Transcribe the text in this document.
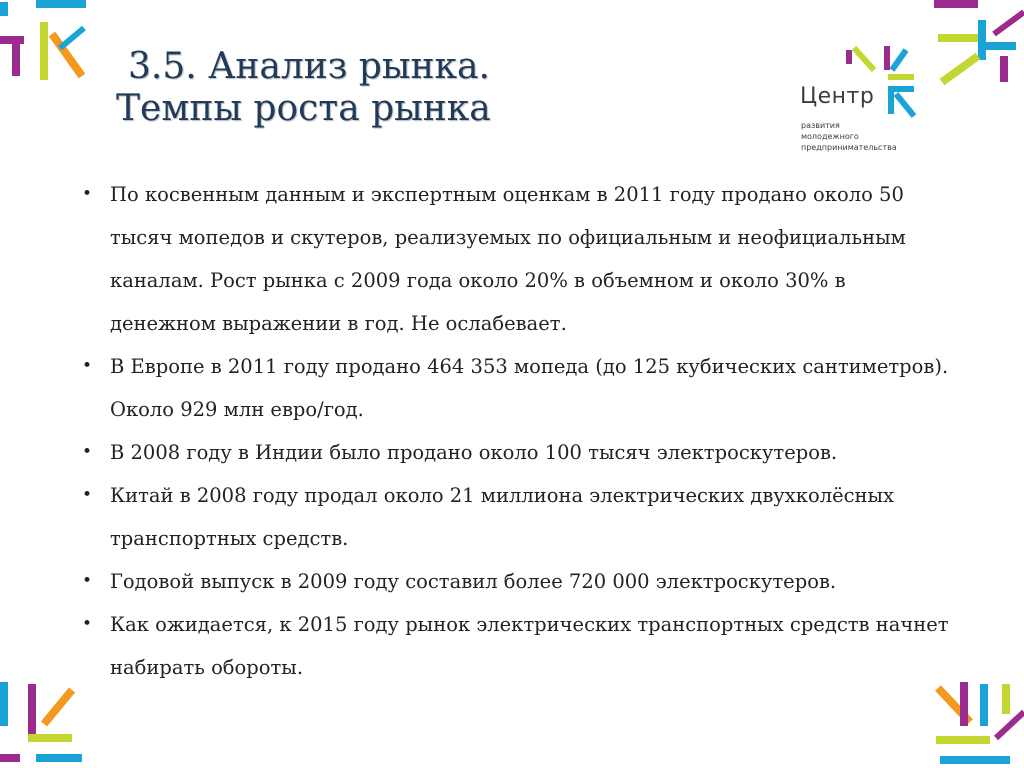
3.5. Анализ рынка.
Темпы роста рынка	Центр
развития
молодежного
предпринимательства
• По косвенным данным и экспертным оценкам в 2011 году продано около 50 тысяч мопедов и скутеров, реализуемых по официальным и неофициальным каналам. Рост рынка с 2009 года около 20% в объемном и около 30% в денежном выражении в год. Не ослабевает.
• В Европе в 2011 году продано 464 353 мопеда (до 125 кубических сантиметров). Около 929 млн евро/год.
• В 2008 году в Индии было продано около 100 тысяч электроскутеров.
• Китай в 2008 году продал около 21 миллиона электрических двухколёсных транспортных средств.
• Годовой выпуск в 2009 году составил более 720 000 электроскутеров.
• Как ожидается, к 2015 году рынок электрических транспортных средств начнет набирать обороты.
